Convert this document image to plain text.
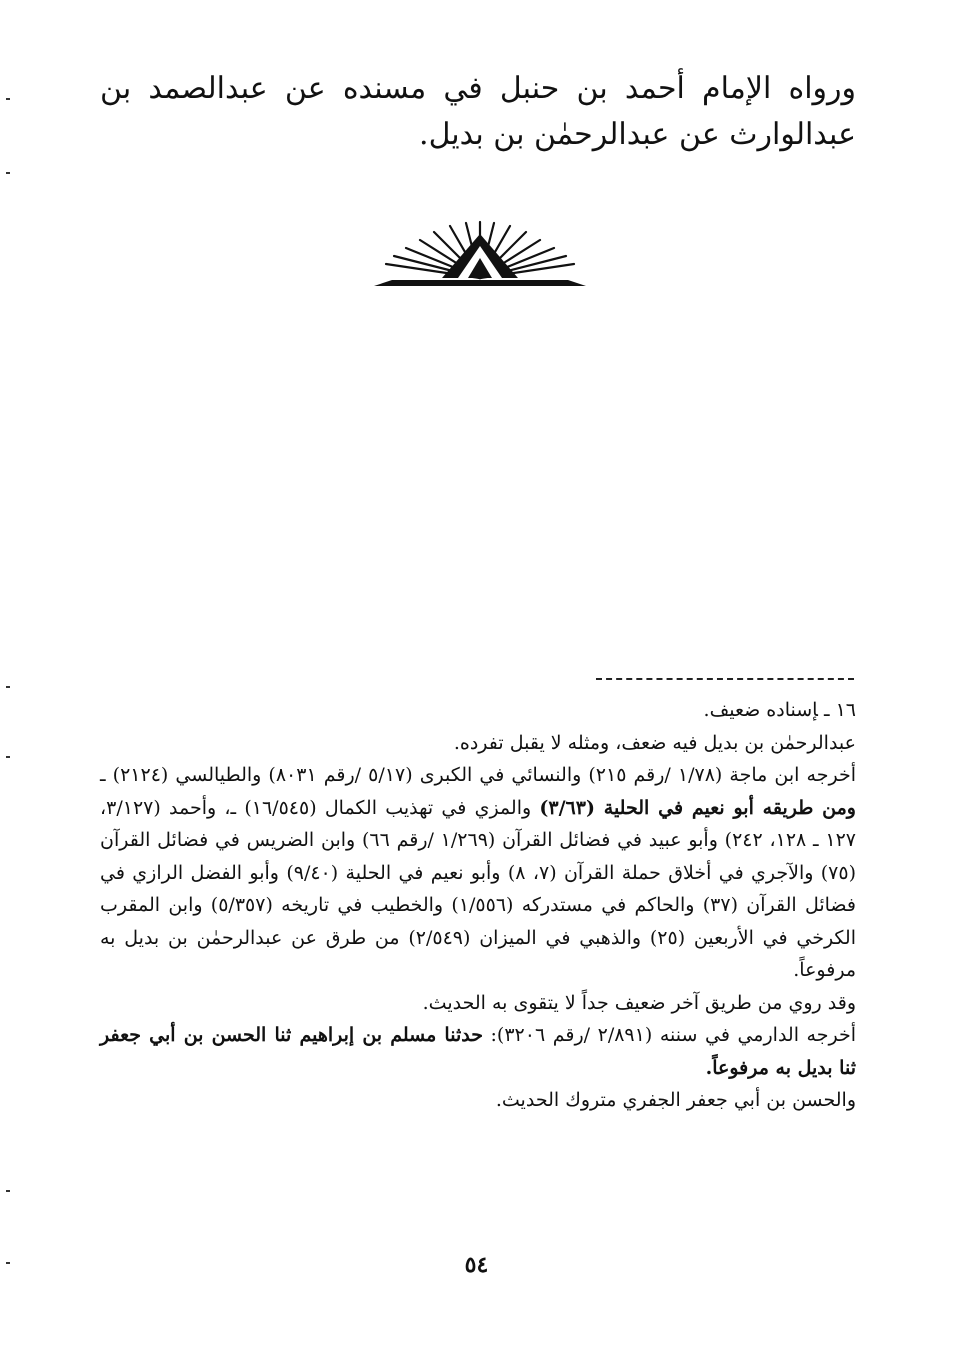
ورواه الإمام أحمد بن حنبل في مسنده عن عبدالصمد بن عبدالوارث عن عبدالرحمٰن بن بديل.

١٦ ـإسناده ضعيف.

عبدالرحمٰن بن بديل فيه ضعف، ومثله لا يقبل تفرده.

أخرجه ابن ماجة (١/٧٨ /رقم ٢١٥) والنسائي في الكبرى (٥/١٧ /رقم ٨٠٣١) والطيالسي (٢١٢٤) ـ ومن طريقه أبو نعيم في الحلية (٣/٦٣) والمزي في تهذيب الكمال (١٦/٥٤٥) ـ، وأحمد (٣/١٢٧، ١٢٧ ـ ١٢٨، ٢٤٢) وأبو عبيد في فضائل القرآن (١/٢٦٩ /رقم ٦٦) وابن الضريس في فضائل القرآن (٧٥) والآجري في أخلاق حملة القرآن (٧، ٨) وأبو نعيم في الحلية (٩/٤٠) وأبو الفضل الرازي في فضائل القرآن (٣٧) والحاكم في مستدركه (١/٥٥٦) والخطيب في تاريخه (٥/٣٥٧) وابن المقرب الكرخي في الأربعين (٢٥) والذهبي في الميزان (٢/٥٤٩) من طرق عن عبدالرحمٰن بن بديل به مرفوعاً.

وقد روي من طريق آخر ضعيف جداً لا يتقوى به الحديث.

أخرجه الدارمي في سننه (٢/٨٩١ /رقم ٣٢٠٦): حدثنا مسلم بن إبراهيم ثنا الحسن بن أبي جعفر ثنا بديل به مرفوعاً.

والحسن بن أبي جعفر الجفري متروك الحديث.

٥٤
